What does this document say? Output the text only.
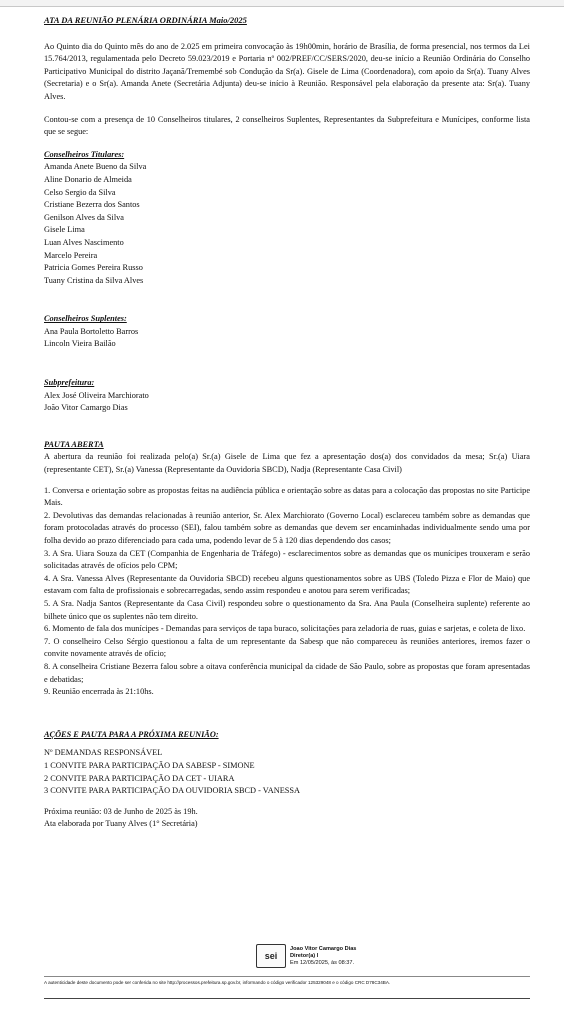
ATA DA REUNIÃO PLENÁRIA ORDINÁRIA Maio/2025

Ao Quinto dia do Quinto mês do ano de 2.025 em primeira convocação às 19h00min, horário de Brasília, de forma presencial, nos termos da Lei 15.764/2013, regulamentada pelo Decreto 59.023/2019 e Portaria nº 002/PREF/CC/SERS/2020, deu-se início a Reunião Ordinária do Conselho Participativo Municipal do distrito Jaçanã/Tremembé sob Condução da Sr(a). Gisele de Lima (Coordenadora), com apoio da Sr(a). Tuany Alves (Secretaria) e o Sr(a). Amanda Anete (Secretária Adjunta) deu-se início à Reunião. Responsável pela elaboração da presente ata: Sr(a). Tuany Alves.

Contou-se com a presença de 10 Conselheiros titulares, 2 conselheiros Suplentes, Representantes da Subprefeitura e Munícipes, conforme lista que se segue:

Conselheiros Titulares:

Amanda Anete Bueno da Silva
Aline Donario de Almeida
Celso Sergio da Silva
Cristiane Bezerra dos Santos
Genilson Alves da Silva
Gisele Lima
Luan Alves Nascimento
Marcelo Pereira
Patricia Gomes Pereira Russo
Tuany Cristina da Silva Alves

Conselheiros Suplentes:

Ana Paula Bortoletto Barros
Lincoln Vieira Bailão

Subprefeitura:

Alex José Oliveira Marchiorato
João Vitor Camargo Dias

PAUTA ABERTA

A abertura da reunião foi realizada pelo(a) Sr.(a) Gisele de Lima que fez a apresentação dos(a) dos convidados da mesa; Sr.(a) Uiara (representante CET), Sr.(a) Vanessa (Representante da Ouvidoria SBCD), Nadja (Representante Casa Civil)

1. Conversa e orientação sobre as propostas feitas na audiência pública e orientação sobre as datas para a colocação das propostas no site Participe Mais.

2. Devolutivas das demandas relacionadas à reunião anterior, Sr. Alex Marchiorato (Governo Local) esclareceu também sobre as demandas que foram protocoladas através do processo (SEI), falou também sobre as demandas que devem ser encaminhadas individualmente sendo uma por folha devido ao prazo diferenciado para cada uma, podendo levar de 5 à 120 dias dependendo dos casos;

3. A Sra. Uiara Souza da CET (Companhia de Engenharia de Tráfego) - esclarecimentos sobre as demandas que os munícipes trouxeram e serão solicitadas através de ofícios pelo CPM;

4. A Sra. Vanessa Alves (Representante da Ouvidoria SBCD) recebeu alguns questionamentos sobre as UBS (Toledo Pizza e Flor de Maio) que estavam com falta de profissionais e sobrecarregadas, sendo assim respondeu e anotou para serem verificadas;

5. A Sra. Nadja Santos (Representante da Casa Civil) respondeu sobre o questionamento da Sra. Ana Paula (Conselheira suplente) referente ao bilhete único que os suplentes não tem direito.

6. Momento de fala dos munícipes - Demandas para serviços de tapa buraco, solicitações para zeladoria de ruas, guias e sarjetas, e coleta de lixo.

7. O conselheiro Celso Sérgio questionou a falta de um representante da Sabesp que não compareceu às reuniões anteriores, iremos fazer o convite novamente através de ofício;

8. A conselheira Cristiane Bezerra falou sobre a oitava conferência municipal da cidade de São Paulo, sobre as propostas que foram apresentadas e debatidas;

9. Reunião encerrada às 21:10hs.

AÇÕES E PAUTA PARA A PRÓXIMA REUNIÃO:

Nº DEMANDAS RESPONSÁVEL
1 CONVITE PARA PARTICIPAÇÃO DA SABESP - SIMONE
2 CONVITE PARA PARTICIPAÇÃO DA CET - UIARA
3 CONVITE PARA PARTICIPAÇÃO DA OUVIDORIA SBCD - VANESSA
Próxima reunião: 03 de Junho de 2025 às 19h.
Ata elaborada por Tuany Alves (1° Secretária)
sei
Joao Vitor Camargo Dias
Diretor(a) I
Em 12/05/2025, às 08:37.
A autenticidade deste documento pode ser conferida no site http://processos.prefeitura.sp.gov.br, informando o código verificador 125329048 e o código CRC D78C34BA.
